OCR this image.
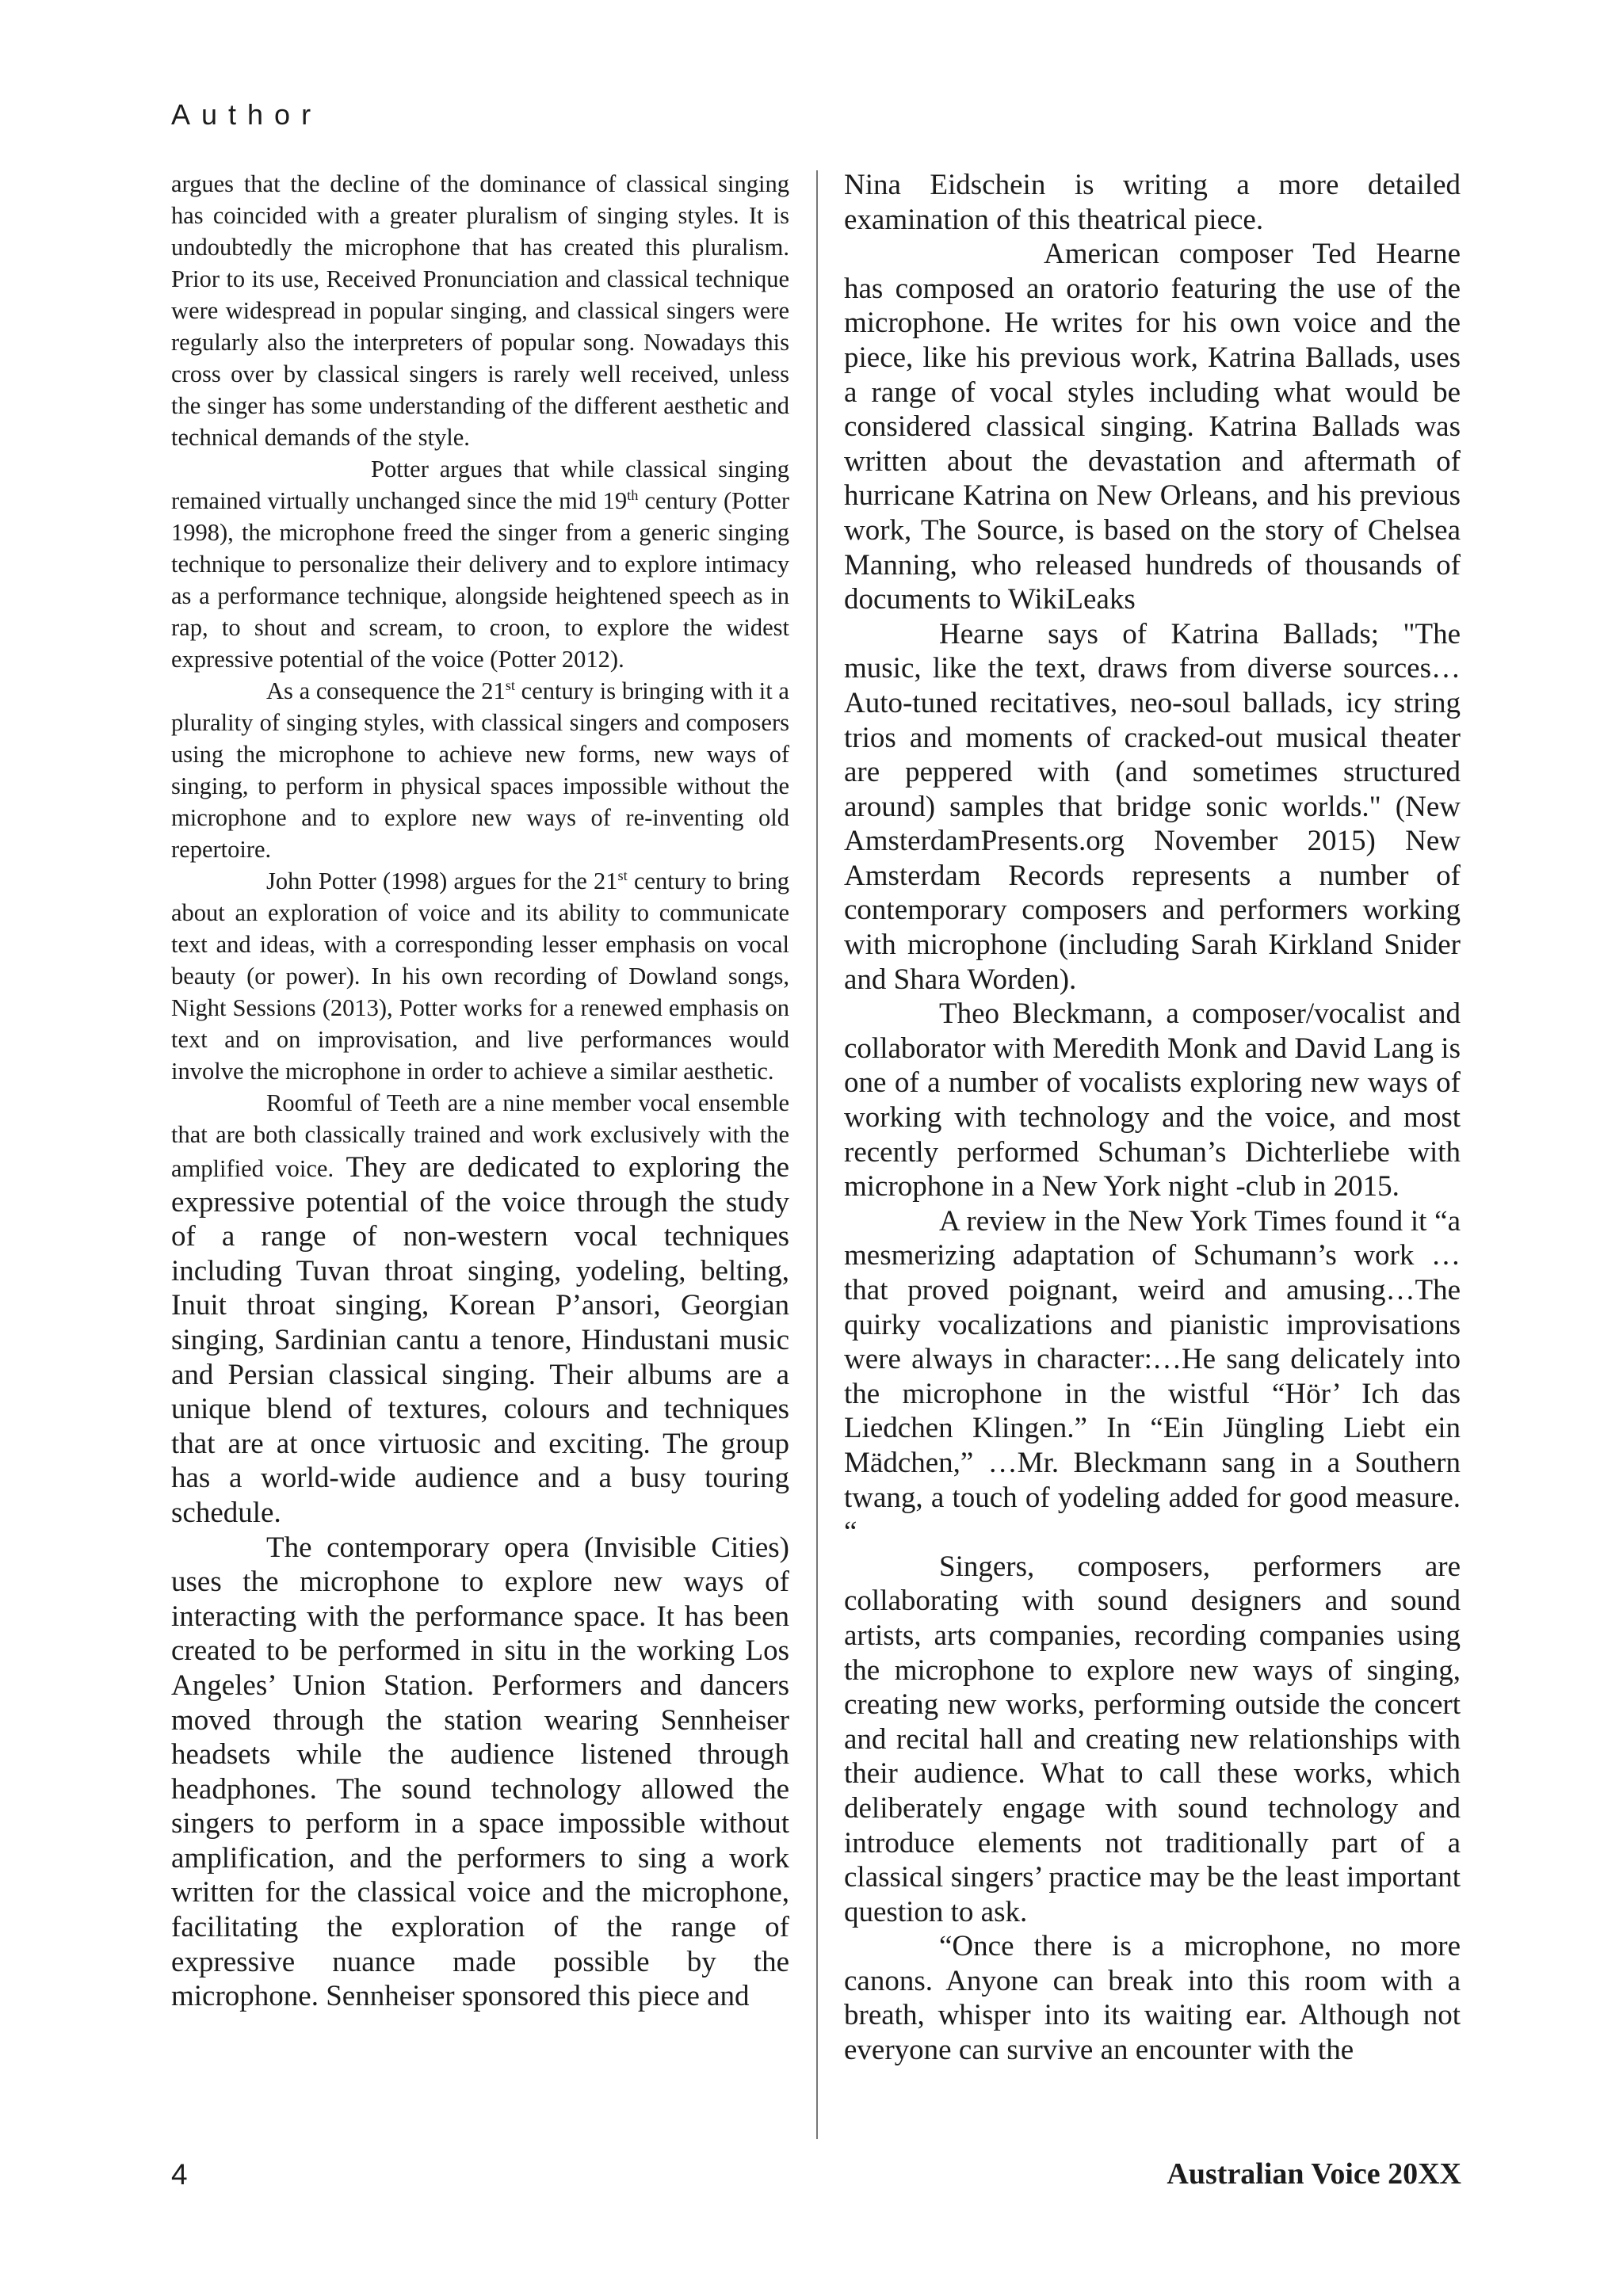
Author

argues that the decline of the dominance of classical singing has coincided with a greater pluralism of singing styles. It is undoubtedly the microphone that has created this pluralism. Prior to its use, Received Pronunciation and classical technique were widespread in popular singing, and classical singers were regularly also the interpreters of popular song. Nowadays this cross over by classical singers is rarely well received, unless the singer has some understanding of the different aesthetic and technical demands of the style.

Potter argues that while classical singing remained virtually unchanged since the mid 19th century (Potter 1998), the microphone freed the singer from a generic singing technique to personalize their delivery and to explore intimacy as a performance technique, alongside heightened speech as in rap, to shout and scream, to croon, to explore the widest expressive potential of the voice (Potter 2012).

As a consequence the 21st century is bringing with it a plurality of singing styles, with classical singers and composers using the microphone to achieve new forms, new ways of singing, to perform in physical spaces impossible without the microphone and to explore new ways of re-inventing old repertoire.

John Potter (1998) argues for the 21st century to bring about an exploration of voice and its ability to communicate text and ideas, with a corresponding lesser emphasis on vocal beauty (or power). In his own recording of Dowland songs, Night Sessions (2013), Potter works for a renewed emphasis on text and on improvisation, and live performances would involve the microphone in order to achieve a similar aesthetic.

Roomful of Teeth are a nine member vocal ensemble that are both classically trained and work exclusively with the amplified voice. They are dedicated to exploring the expressive potential of the voice through the study of a range of non-western vocal techniques including Tuvan throat singing, yodeling, belting, Inuit throat singing, Korean P’ansori, Georgian singing, Sardinian cantu a tenore, Hindustani music and Persian classical singing. Their albums are a unique blend of textures, colours and techniques that are at once virtuosic and exciting. The group has a world-wide audience and a busy touring schedule.

The contemporary opera (Invisible Cities) uses the microphone to explore new ways of interacting with the performance space. It has been created to be performed in situ in the working Los Angeles’ Union Station. Performers and dancers moved through the station wearing Sennheiser headsets while the audience listened through headphones. The sound technology allowed the singers to perform in a space impossible without amplification, and the performers to sing a work written for the classical voice and the microphone, facilitating the exploration of the range of expressive nuance made possible by the microphone. Sennheiser sponsored this piece and

Nina Eidschein is writing a more detailed examination of this theatrical piece.

American composer Ted Hearne has composed an oratorio featuring the use of the microphone. He writes for his own voice and the piece, like his previous work, Katrina Ballads, uses a range of vocal styles including what would be considered classical singing. Katrina Ballads was written about the devastation and aftermath of hurricane Katrina on New Orleans, and his previous work, The Source, is based on the story of Chelsea Manning, who released hundreds of thousands of documents to WikiLeaks

Hearne says of Katrina Ballads; "The music, like the text, draws from diverse sources… Auto-tuned recitatives, neo-soul ballads, icy string trios and moments of cracked-out musical theater are peppered with (and sometimes structured around) samples that bridge sonic worlds." (New AmsterdamPresents.org November 2015) New Amsterdam Records represents a number of contemporary composers and performers working with microphone (including Sarah Kirkland Snider and Shara Worden).

Theo Bleckmann, a composer/vocalist and collaborator with Meredith Monk and David Lang is one of a number of vocalists exploring new ways of working with technology and the voice, and most recently performed Schuman’s Dichterliebe with microphone in a New York night -club in 2015.

A review in the New York Times found it “a mesmerizing adaptation of Schumann’s work … that proved poignant, weird and amusing…The quirky vocalizations and pianistic improvisations were always in character:…He sang delicately into the microphone in the wistful “Hör’ Ich das Liedchen Klingen.” In “Ein Jüngling Liebt ein Mädchen,” …Mr. Bleckmann sang in a Southern twang, a touch of yodeling added for good measure. “

Singers, composers, performers are collaborating with sound designers and sound artists, arts companies, recording companies using the microphone to explore new ways of singing, creating new works, performing outside the concert and recital hall and creating new relationships with their audience. What to call these works, which deliberately engage with sound technology and introduce elements not traditionally part of a classical singers’ practice may be the least important question to ask.

“Once there is a microphone, no more canons. Anyone can break into this room with a breath, whisper into its waiting ear. Although not everyone can survive an encounter with the

4	Australian Voice 20XX
